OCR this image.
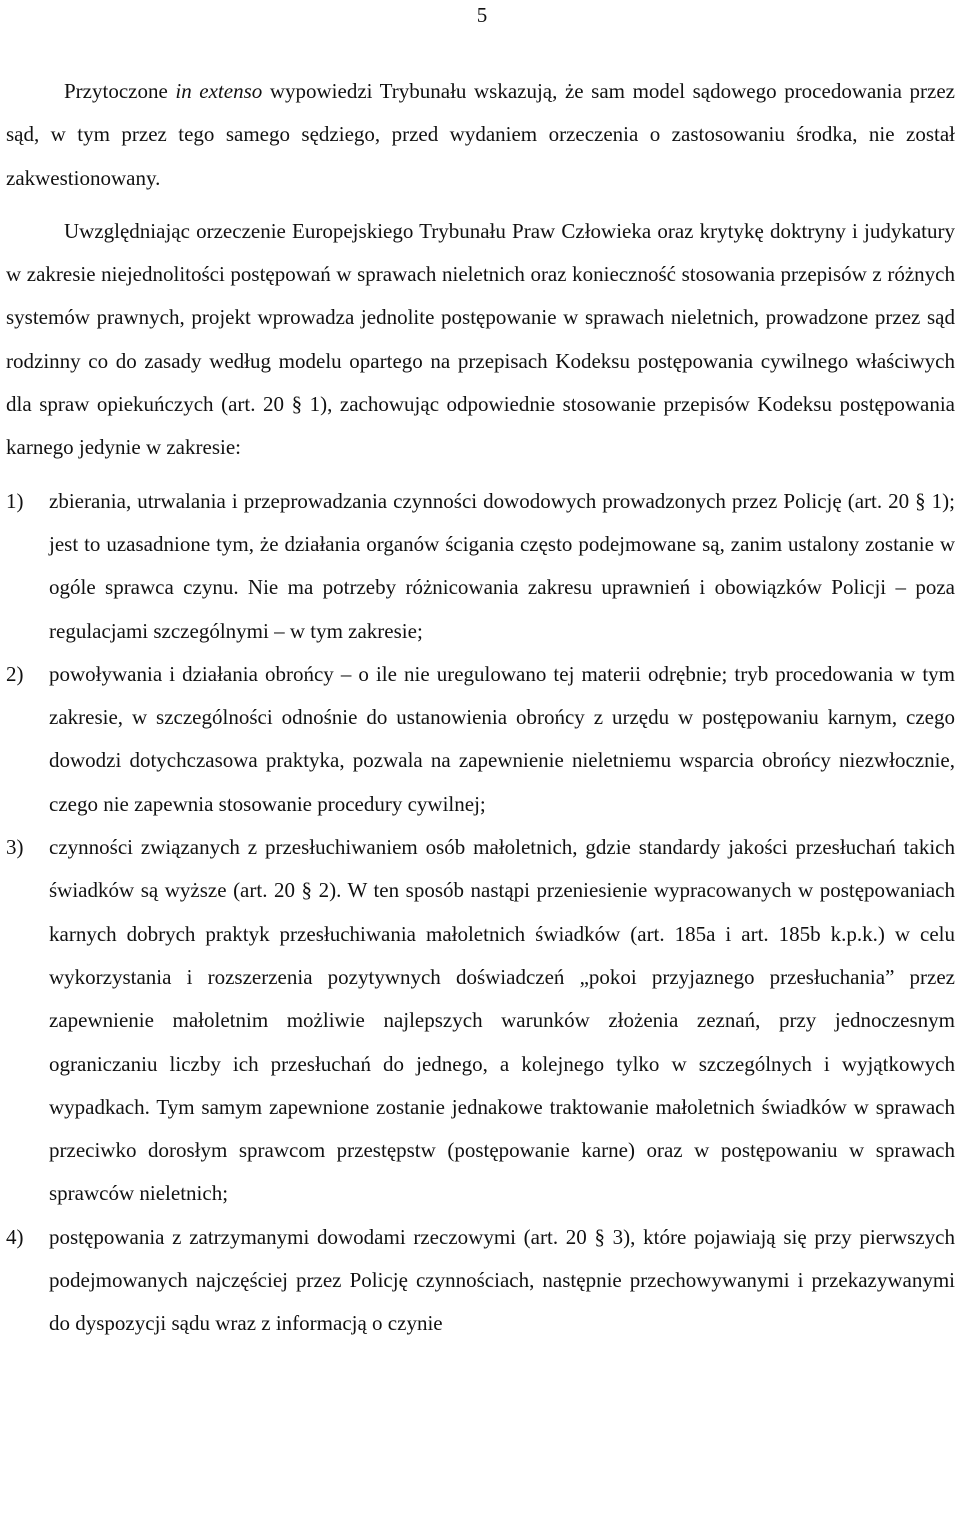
5

Przytoczone in extenso wypowiedzi Trybunału wskazują, że sam model sądowego procedowania przez sąd, w tym przez tego samego sędziego, przed wydaniem orzeczenia o zastosowaniu środka, nie został zakwestionowany.

Uwzględniając orzeczenie Europejskiego Trybunału Praw Człowieka oraz krytykę doktryny i judykatury w zakresie niejednolitości postępowań w sprawach nieletnich oraz konieczność stosowania przepisów z różnych systemów prawnych, projekt wprowadza jednolite postępowanie w sprawach nieletnich, prowadzone przez sąd rodzinny co do zasady według modelu opartego na przepisach Kodeksu postępowania cywilnego właściwych dla spraw opiekuńczych (art. 20 § 1), zachowując odpowiednie stosowanie przepisów Kodeksu postępowania karnego jedynie w zakresie:

1) zbierania, utrwalania i przeprowadzania czynności dowodowych prowadzonych przez Policję (art. 20 § 1); jest to uzasadnione tym, że działania organów ścigania często podejmowane są, zanim ustalony zostanie w ogóle sprawca czynu. Nie ma potrzeby różnicowania zakresu uprawnień i obowiązków Policji – poza regulacjami szczególnymi – w tym zakresie;

2) powoływania i działania obrońcy – o ile nie uregulowano tej materii odrębnie; tryb procedowania w tym zakresie, w szczególności odnośnie do ustanowienia obrońcy z urzędu w postępowaniu karnym, czego dowodzi dotychczasowa praktyka, pozwala na zapewnienie nieletniemu wsparcia obrońcy niezwłocznie, czego nie zapewnia stosowanie procedury cywilnej;

3) czynności związanych z przesłuchiwaniem osób małoletnich, gdzie standardy jakości przesłuchań takich świadków są wyższe (art. 20 § 2). W ten sposób nastąpi przeniesienie wypracowanych w postępowaniach karnych dobrych praktyk przesłuchiwania małoletnich świadków (art. 185a i art. 185b k.p.k.) w celu wykorzystania i rozszerzenia pozytywnych doświadczeń „pokoi przyjaznego przesłuchania” przez zapewnienie małoletnim możliwie najlepszych warunków złożenia zeznań, przy jednoczesnym ograniczaniu liczby ich przesłuchań do jednego, a kolejnego tylko w szczególnych i wyjątkowych wypadkach. Tym samym zapewnione zostanie jednakowe traktowanie małoletnich świadków w sprawach przeciwko dorosłym sprawcom przestępstw (postępowanie karne) oraz w postępowaniu w sprawach sprawców nieletnich;

4) postępowania z zatrzymanymi dowodami rzeczowymi (art. 20 § 3), które pojawiają się przy pierwszych podejmowanych najczęściej przez Policję czynnościach, następnie przechowywanymi i przekazywanymi do dyspozycji sądu wraz z informacją o czynie
